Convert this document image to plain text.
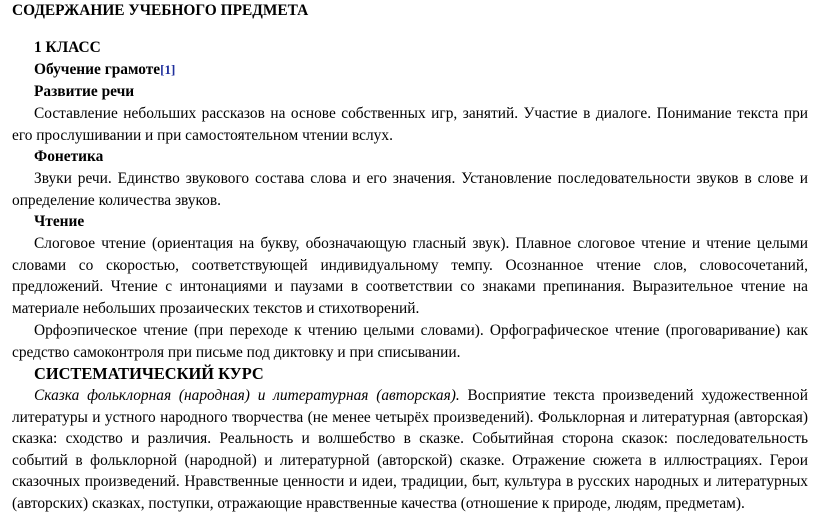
СОДЕРЖАНИЕ УЧЕБНОГО ПРЕДМЕТА
1 КЛАСС
Обучение грамоте[1]
Развитие речи
Составление небольших рассказов на основе собственных игр, занятий. Участие в диалоге. Понимание текста при его прослушивании и при самостоятельном чтении вслух.
Фонетика
Звуки речи. Единство звукового состава слова и его значения. Установление последовательности звуков в слове и определение количества звуков.
Чтение
Слоговое чтение (ориентация на букву, обозначающую гласный звук). Плавное слоговое чтение и чтение целыми словами со скоростью, соответствующей индивидуальному темпу. Осознанное чтение слов, словосочетаний, предложений. Чтение с интонациями и паузами в соответствии со знаками препинания. Выразительное чтение на материале небольших прозаических текстов и стихотворений.
Орфоэпическое чтение (при переходе к чтению целыми словами). Орфографическое чтение (проговаривание) как средство самоконтроля при письме под диктовку и при списывании.
СИСТЕМАТИЧЕСКИЙ КУРС
Сказка фольклорная (народная) и литературная (авторская). Восприятие текста произведений художественной литературы и устного народного творчества (не менее четырёх произведений). Фольклорная и литературная (авторская) сказка: сходство и различия. Реальность и волшебство в сказке. Событийная сторона сказок: последовательность событий в фольклорной (народной) и литературной (авторской) сказке. Отражение сюжета в иллюстрациях. Герои сказочных произведений. Нравственные ценности и идеи, традиции, быт, культура в русских народных и литературных (авторских) сказках, поступки, отражающие нравственные качества (отношение к природе, людям, предметам).
